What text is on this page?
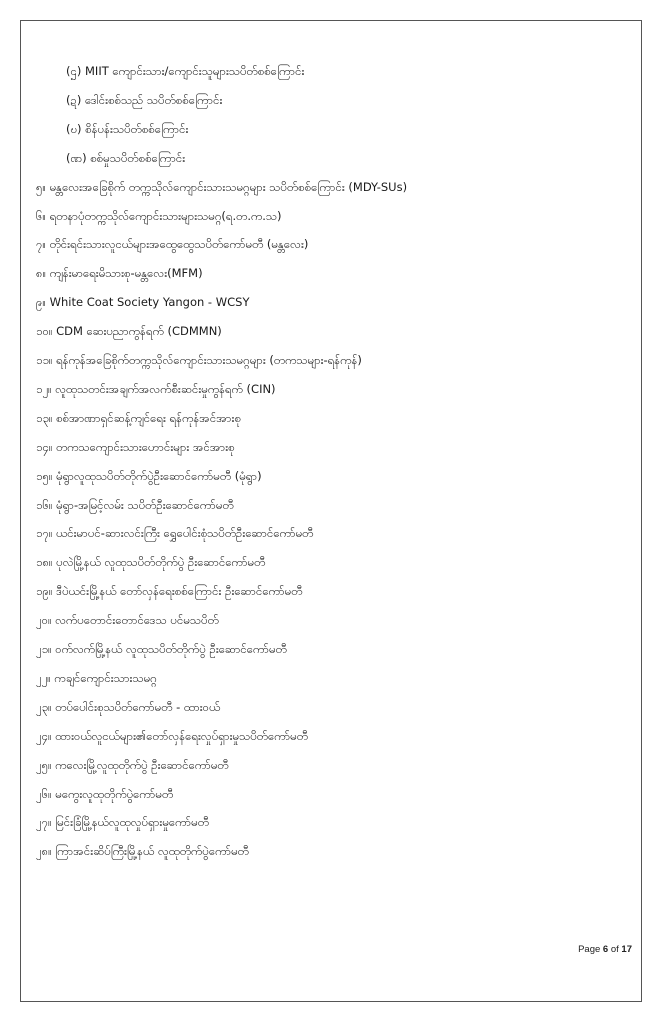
(ဌ) MIIT ကျောင်းသား/ကျောင်းသူများသပိတ်စစ်ကြောင်း
(ဍ) ဒေါင်းစစ်သည် သပိတ်စစ်ကြောင်း
(ဎ) စိန်ပန်းသပိတ်စစ်ကြောင်း
(ဏ) စစ်မှုသပိတ်စစ်ကြောင်း
၅။ မန္တလေးအခြေစိုက် တက္ကသိုလ်ကျောင်းသားသမဂ္ဂများ သပိတ်စစ်ကြောင်း (MDY-SUs)
၆။ ရတနာပုံတက္ကသိုလ်ကျောင်းသားများသမဂ္ဂ(ရ.တ.က.သ)
၇။ တိုင်းရင်းသားလူငယ်များအထွေထွေသပိတ်ကော်မတီ (မန္တလေး)
၈။ ကျန်းမာရေးမိသားစု-မန္တလေး(MFM)
၉။ White Coat Society Yangon - WCSY
၁၀။ CDM ဆေးပညာကွန်ရက် (CDMMN)
၁၁။ ရန်ကုန်အခြေစိုက်တက္ကသိုလ်ကျောင်းသားသမဂ္ဂများ (တကသများ-ရန်ကုန်)
၁၂။ လူထုသတင်းအချက်အလက်စီးဆင်းမှုကွန်ရက် (CIN)
၁၃။ စစ်အာဏာရှင်ဆန့်ကျင်ရေး ရန်ကုန်အင်အားစု
၁၄။ တကသကျောင်းသားဟောင်းများ အင်အားစု
၁၅။ မုံရွာလူထုသပိတ်တိုက်ပွဲဦးဆောင်ကော်မတီ (မုံရွာ)
၁၆။ မုံရွာ-အမြင့်လမ်း သပိတ်ဦးဆောင်ကော်မတီ
၁၇။ ယင်းမာပင်-ဆားလင်းကြီး ရွှေပေါင်းစုံသပိတ်ဦးဆောင်ကော်မတီ
၁၈။ ပုလဲမြို့နယ် လူထုသပိတ်တိုက်ပွဲ ဦးဆောင်ကော်မတီ
၁၉။ ဒီပဲယင်းမြို့နယ် တော်လှန်ရေးစစ်ကြောင်း ဦးဆောင်ကော်မတီ
၂၀။ လက်ပတောင်းတောင်ဒေသ ပင်မသပိတ်
၂၁။ ဝက်လက်မြို့နယ် လူထုသပိတ်တိုက်ပွဲ ဦးဆောင်ကော်မတီ
၂၂။ ကချင်ကျောင်းသားသမဂ္ဂ
၂၃။ တပ်ပေါင်းစုသပိတ်ကော်မတီ - ထားဝယ်
၂၄။ ထားဝယ်လူငယ်များ၏တော်လှန်ရေးလှုပ်ရှားမှုသပိတ်ကော်မတီ
၂၅။ ကလေးမြို့လူထုတိုက်ပွဲ ဦးဆောင်ကော်မတီ
၂၆။ မကွေးလူထုတိုက်ပွဲကော်မတီ
၂၇။ မြင်းခြံမြို့နယ်လူထုလှုပ်ရှားမှုကော်မတီ
၂၈။ ကြာအင်းဆိပ်ကြီးမြို့နယ် လူထုတိုက်ပွဲကော်မတီ
Page 6 of 17
